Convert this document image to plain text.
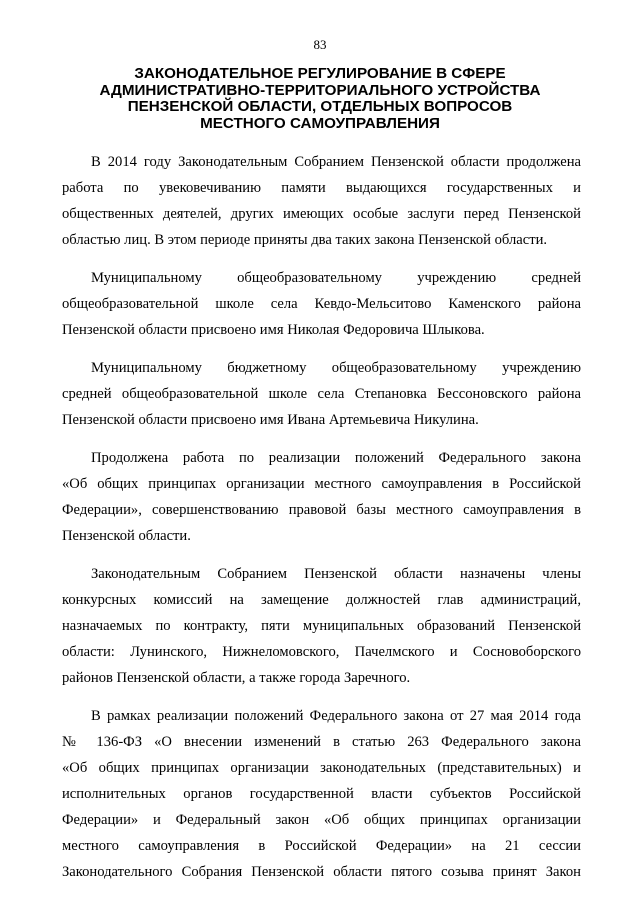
83
ЗАКОНОДАТЕЛЬНОЕ РЕГУЛИРОВАНИЕ В СФЕРЕ
АДМИНИСТРАТИВНО-ТЕРРИТОРИАЛЬНОГО УСТРОЙСТВА
ПЕНЗЕНСКОЙ ОБЛАСТИ, ОТДЕЛЬНЫХ ВОПРОСОВ
МЕСТНОГО САМОУПРАВЛЕНИЯ

В 2014 году Законодательным Собранием Пензенской области продолжена
работа по увековечиванию памяти выдающихся государственных и
общественных деятелей, других имеющих особые заслуги перед Пензенской
областью лиц. В этом периоде приняты два таких закона Пензенской области.

Муниципальному общеобразовательному учреждению средней
общеобразовательной школе села Кевдо-Мельситово Каменского района
Пензенской области присвоено имя Николая Федоровича Шлыкова.

Муниципальному бюджетному общеобразовательному учреждению
средней общеобразовательной школе села Степановка Бессоновского района
Пензенской области присвоено имя Ивана Артемьевича Никулина.

Продолжена работа по реализации положений Федерального закона
«Об общих принципах организации местного самоуправления в Российской
Федерации», совершенствованию правовой базы местного самоуправления в
Пензенской области.

Законодательным Собранием Пензенской области назначены члены
конкурсных комиссий на замещение должностей глав администраций,
назначаемых по контракту, пяти муниципальных образований Пензенской
области: Лунинского, Нижнеломовского, Пачелмского и Сосновоборского
районов Пензенской области, а также города Заречного.

В рамках реализации положений Федерального закона от 27 мая 2014 года
№ 136-ФЗ «О внесении изменений в статью 263 Федерального закона
«Об общих принципах организации законодательных (представительных) и
исполнительных органов государственной власти субъектов Российской
Федерации» и Федеральный закон «Об общих принципах организации
местного самоуправления в Российской Федерации» на 21 сессии
Законодательного Собрания Пензенской области пятого созыва принят Закон
